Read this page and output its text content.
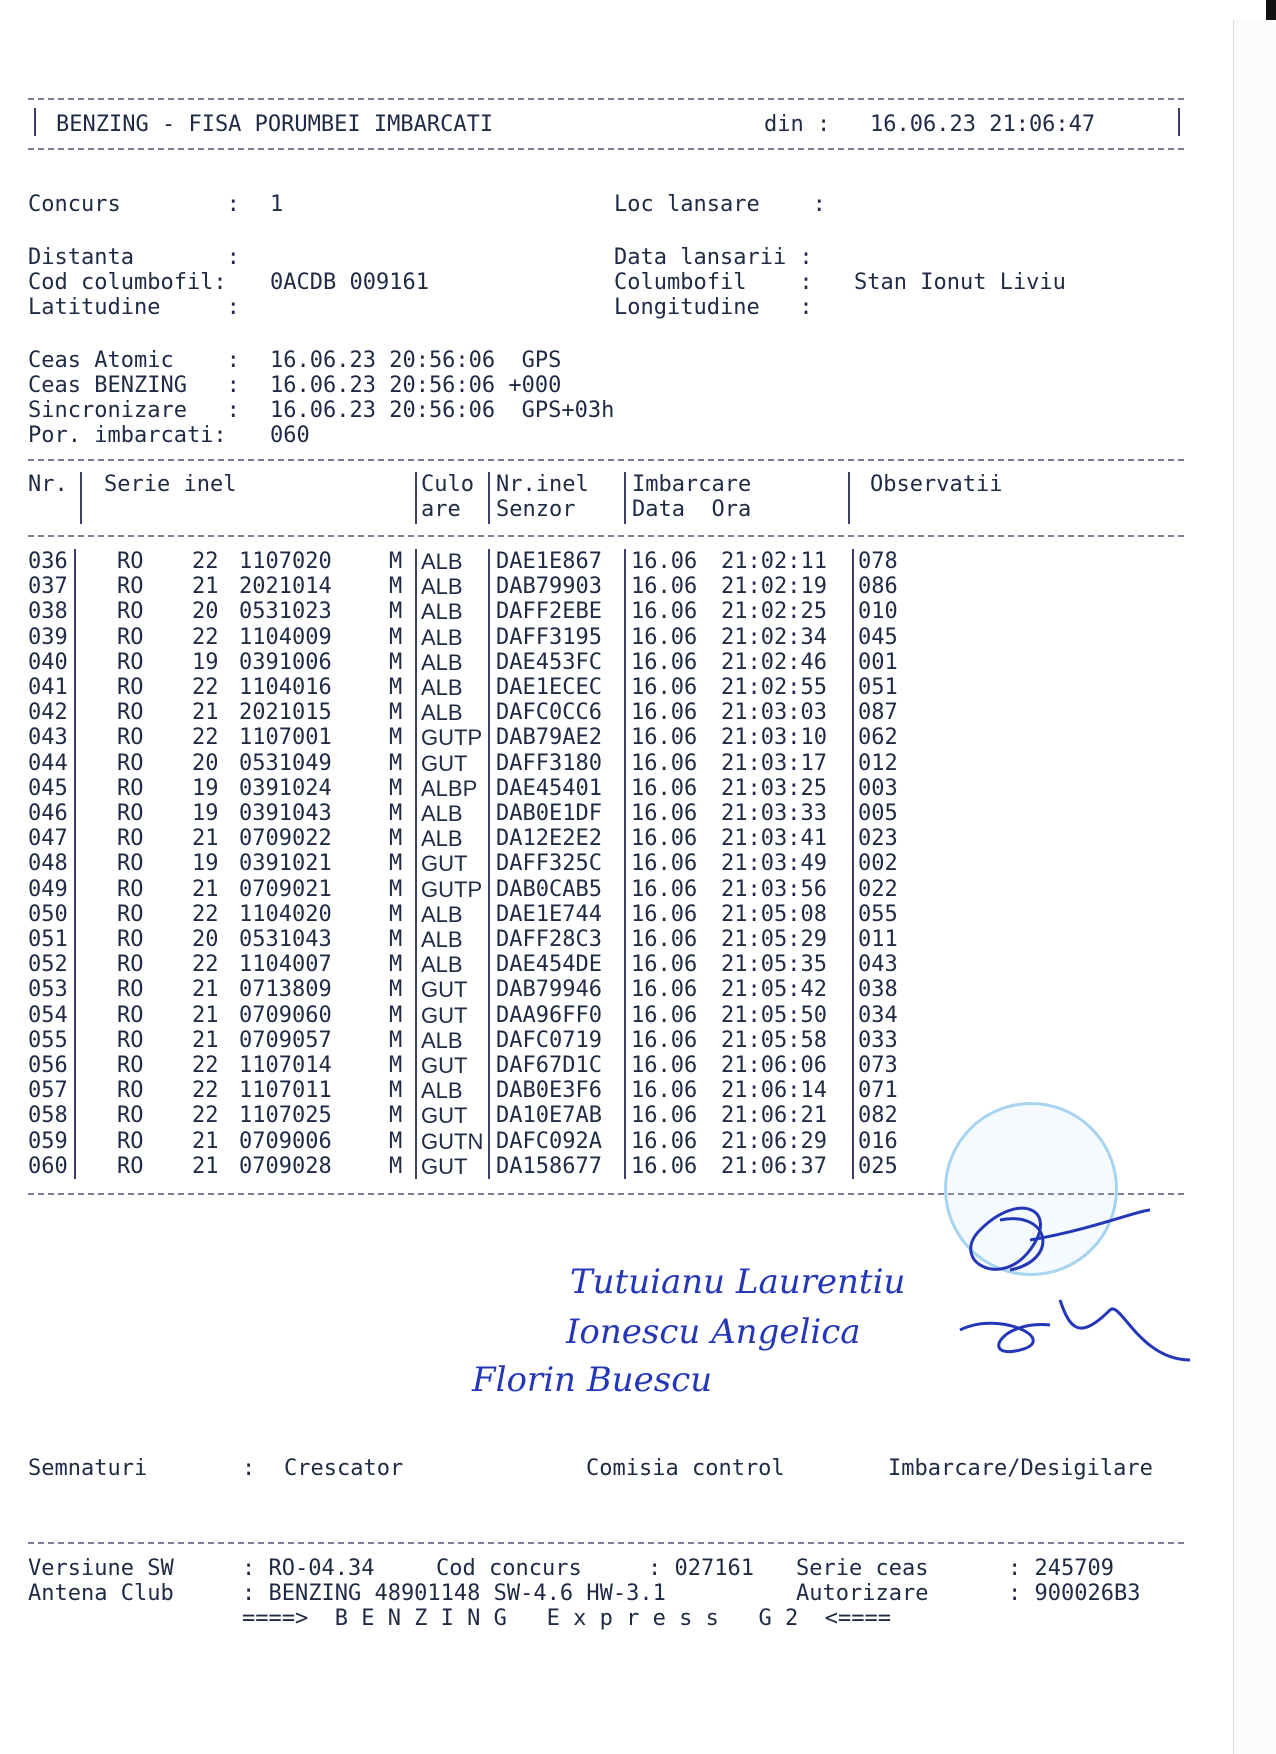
BENZING - FISA PORUMBEI IMBARCATI	din : 16.06.23 21:06:47
Concurs        : 1	Loc lansare    :
Distanta       :	Data lansarii :
Cod columbofil: 0ACDB 009161	Columbofil    : Stan Ionut Liviu
Latitudine     :	Longitudine   :
Ceas Atomic    : 16.06.23 20:56:06  GPS
Ceas BENZING   : 16.06.23 20:56:06 +000
Sincronizare   : 16.06.23 20:56:06  GPS+03h
Por. imbarcati: 060
Nr. Serie inel	Culo
are
Nr.inel
Senzor
Imbarcare
Data  Ora
Observatii
036 RO 22 1107020	M ALB DAE1E867 16.06 21:02:11 078
037 RO 21 2021014	M ALB DAB79903 16.06 21:02:19 086
038 RO 20 0531023	M ALB DAFF2EBE 16.06 21:02:25 010
039 RO 22 1104009	M ALB DAFF3195 16.06 21:02:34 045
040 RO 19 0391006	M ALB DAE453FC 16.06 21:02:46 001
041 RO 22 1104016	M ALB DAE1ECEC 16.06 21:02:55 051
042 RO 21 2021015	M ALB DAFC0CC6 16.06 21:03:03 087
043 RO 22 1107001	M GUTP DAB79AE2 16.06 21:03:10 062
044 RO 20 0531049	M GUT DAFF3180 16.06 21:03:17 012
045 RO 19 0391024	M ALBP DAE45401 16.06 21:03:25 003
046 RO 19 0391043	M ALB DAB0E1DF 16.06 21:03:33 005
047 RO 21 0709022	M ALB DA12E2E2 16.06 21:03:41 023
048 RO 19 0391021	M GUT DAFF325C 16.06 21:03:49 002
049 RO 21 0709021	M GUTP DAB0CAB5 16.06 21:03:56 022
050 RO 22 1104020	M ALB DAE1E744 16.06 21:05:08 055
051 RO 20 0531043	M ALB DAFF28C3 16.06 21:05:29 011
052 RO 22 1104007	M ALB DAE454DE 16.06 21:05:35 043
053 RO 21 0713809	M GUT DAB79946 16.06 21:05:42 038
054 RO 21 0709060	M GUT DAA96FF0 16.06 21:05:50 034
055 RO 21 0709057	M ALB DAFC0719 16.06 21:05:58 033
056 RO 22 1107014	M GUT DAF67D1C 16.06 21:06:06 073
057 RO 22 1107011	M ALB DAB0E3F6 16.06 21:06:14 071
058 RO 22 1107025	M GUT DA10E7AB 16.06 21:06:21 082
059 RO 21 0709006	M GUTN DAFC092A 16.06 21:06:29 016
060 RO 21 0709028	M GUT DA158677 16.06 21:06:37 025
Tutuianu Laurentiu
Ionescu Angelica
Florin Buescu
Semnaturi	: Crescator	Comisia control	Imbarcare/Desigilare
Versiune SW	: RO-04.34	Cod concurs	: 027161 Serie ceas	: 245709
Antena Club	: BENZING 48901148 SW-4.6 HW-3.1	Autorizare	: 900026B3
====>  B E N Z I N G   E x p r e s s   G 2  <====
